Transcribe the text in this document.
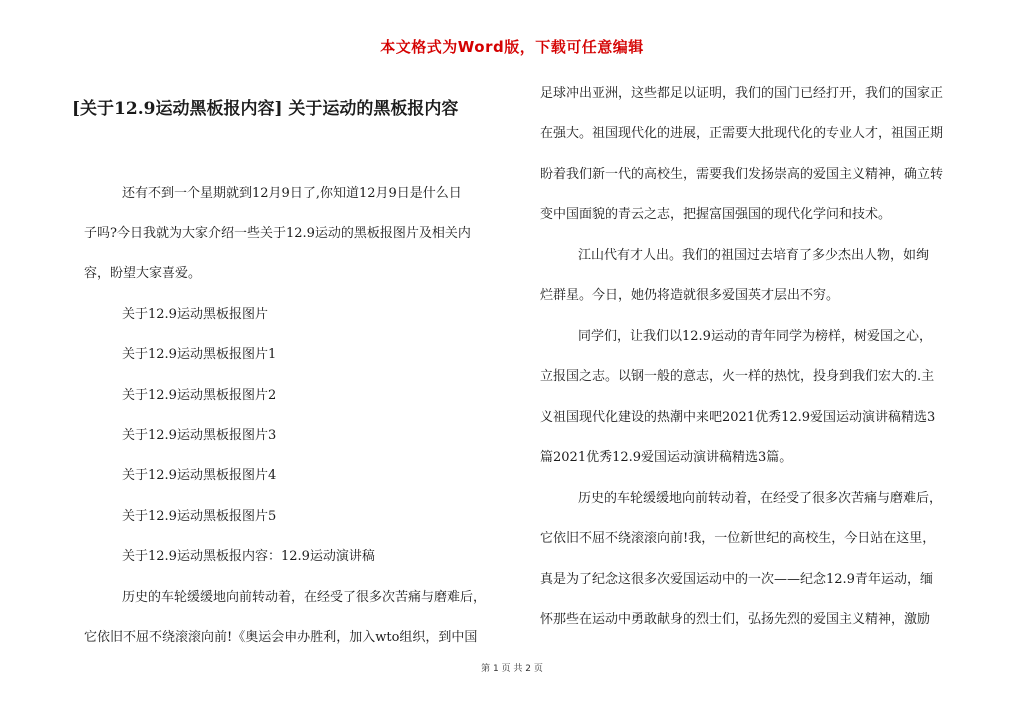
本文格式为Word版，下载可任意编辑
[关于12.9运动黑板报内容] 关于运动的黑板报内容
还有不到一个星期就到12月9日了,你知道12月9日是什么日
子吗?今日我就为大家介绍一些关于12.9运动的黑板报图片及相关内
容，盼望大家喜爱。
关于12.9运动黑板报图片
关于12.9运动黑板报图片1
关于12.9运动黑板报图片2
关于12.9运动黑板报图片3
关于12.9运动黑板报图片4
关于12.9运动黑板报图片5
关于12.9运动黑板报内容：12.9运动演讲稿
历史的车轮缓缓地向前转动着，在经受了很多次苦痛与磨难后，
它依旧不屈不绕滚滚向前!《奥运会申办胜利，加入wto组织，到中国
足球冲出亚洲，这些都足以证明，我们的国门已经打开，我们的国家正
在强大。祖国现代化的进展，正需要大批现代化的专业人才，祖国正期
盼着我们新一代的高校生，需要我们发扬崇高的爱国主义精神，确立转
变中国面貌的青云之志，把握富国强国的现代化学问和技术。
江山代有才人出。我们的祖国过去培育了多少杰出人物，如绚
烂群星。今日，她仍将造就很多爱国英才层出不穷。
同学们，让我们以12.9运动的青年同学为榜样，树爱国之心，
立报国之志。以钢一般的意志，火一样的热忱，投身到我们宏大的.主
义祖国现代化建设的热潮中来吧2021优秀12.9爱国运动演讲稿精选3
篇2021优秀12.9爱国运动演讲稿精选3篇。
历史的车轮缓缓地向前转动着，在经受了很多次苦痛与磨难后，
它依旧不屈不绕滚滚向前!我，一位新世纪的高校生，今日站在这里，
真是为了纪念这很多次爱国运动中的一次——纪念12.9青年运动，缅
怀那些在运动中勇敢献身的烈士们，弘扬先烈的爱国主义精神，激励
第 1 页 共 2 页
